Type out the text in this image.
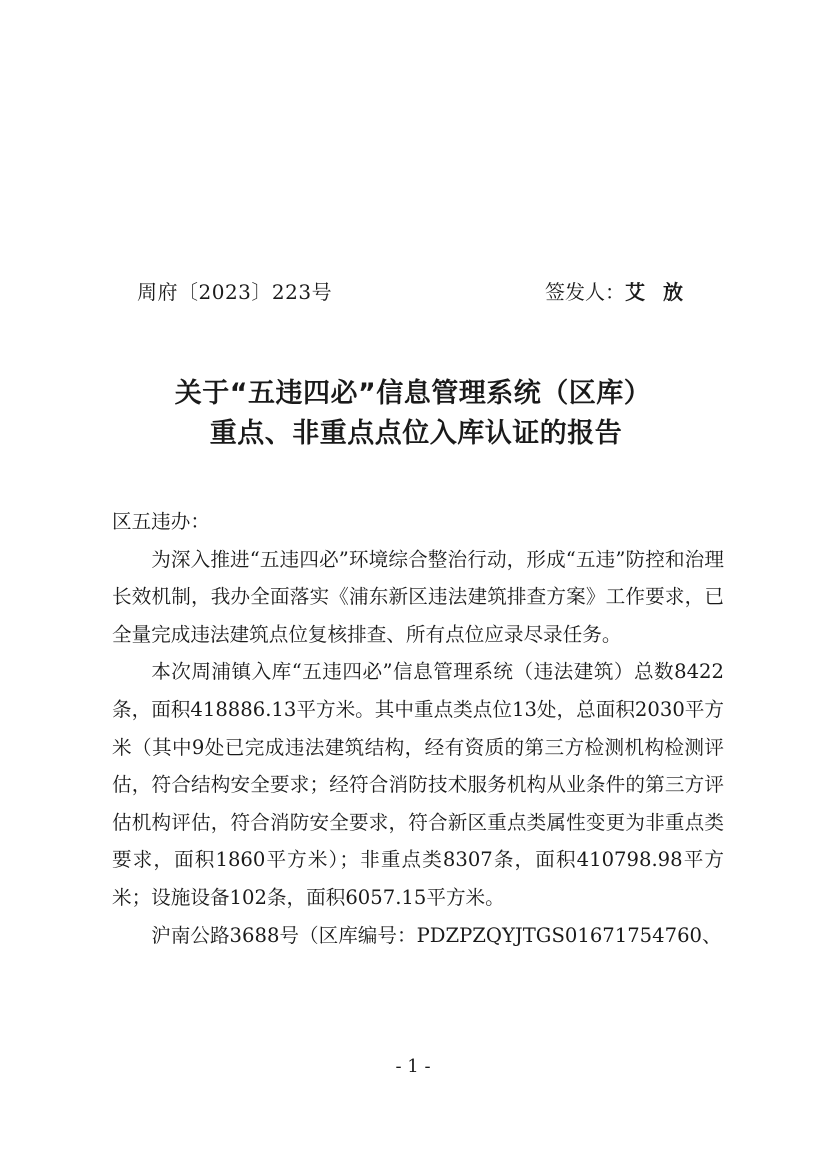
周府〔2023〕223号	签发人：艾放
关于“五违四必”信息管理系统（区库）
重点、非重点点位入库认证的报告

区五违办：

为深入推进“五违四必”环境综合整治行动，形成“五违”防控和治理长效机制，我办全面落实《浦东新区违法建筑排查方案》工作要求，已全量完成违法建筑点位复核排查、所有点位应录尽录任务。

本次周浦镇入库“五违四必”信息管理系统（违法建筑）总数8422条，面积418886.13平方米。其中重点类点位13处，总面积2030平方米（其中9处已完成违法建筑结构，经有资质的第三方检测机构检测评估，符合结构安全要求；经符合消防技术服务机构从业条件的第三方评估机构评估，符合消防安全要求，符合新区重点类属性变更为非重点类要求，面积1860平方米）；非重点类8307条，面积410798.98平方米；设施设备102条，面积6057.15平方米。

沪南公路3688号（区库编号：PDZPZQYJTGS01671754760、

- 1 -
